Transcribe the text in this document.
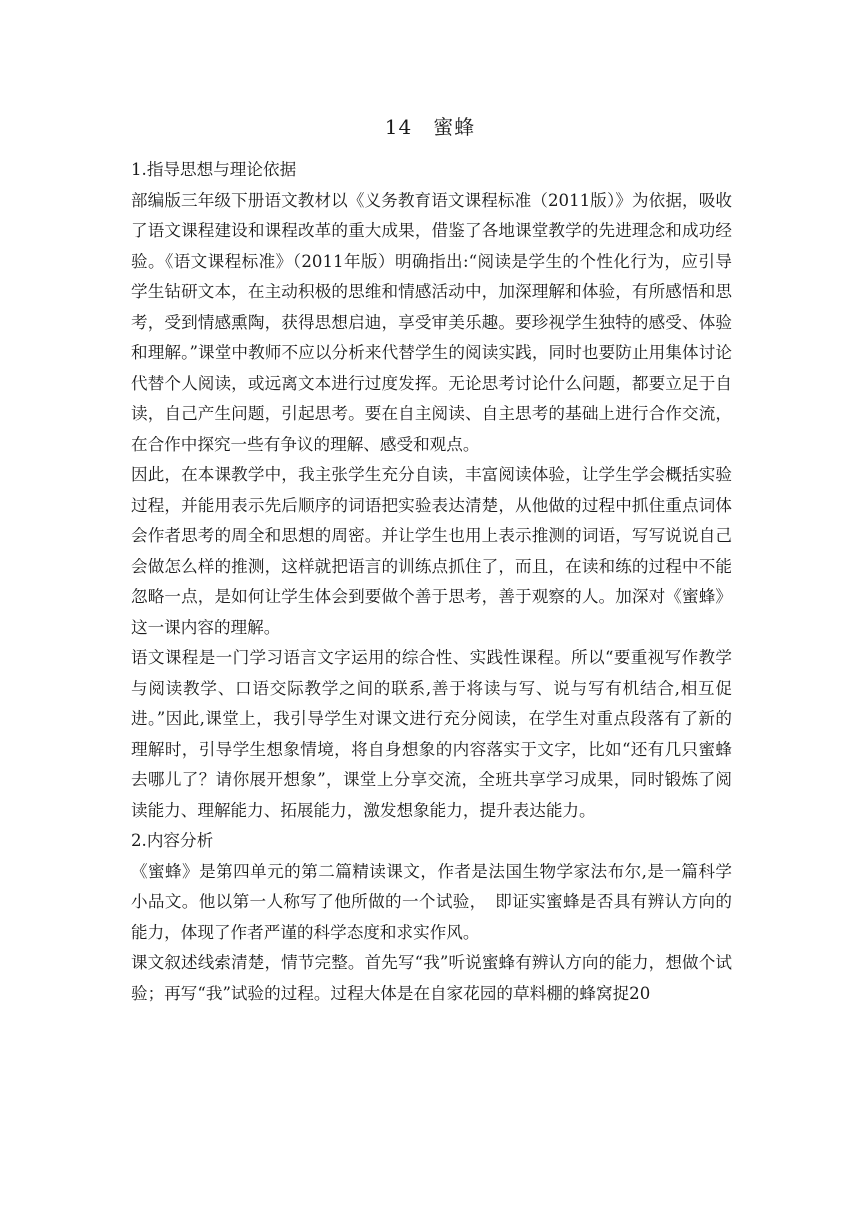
14　蜜蜂

1.指导思想与理论依据

部编版三年级下册语文教材以《义务教育语文课程标准（2011版）》为依据，吸收了语文课程建设和课程改革的重大成果，借鉴了各地课堂教学的先进理念和成功经验。《语文课程标准》（2011年版）明确指出:“阅读是学生的个性化行为，应引导学生钻研文本，在主动积极的思维和情感活动中，加深理解和体验，有所感悟和思考，受到情感熏陶，获得思想启迪，享受审美乐趣。要珍视学生独特的感受、体验和理解。”课堂中教师不应以分析来代替学生的阅读实践，同时也要防止用集体讨论代替个人阅读，或远离文本进行过度发挥。无论思考讨论什么问题，都要立足于自读，自己产生问题，引起思考。要在自主阅读、自主思考的基础上进行合作交流，在合作中探究一些有争议的理解、感受和观点。

因此，在本课教学中，我主张学生充分自读，丰富阅读体验，让学生学会概括实验过程，并能用表示先后顺序的词语把实验表达清楚，从他做的过程中抓住重点词体会作者思考的周全和思想的周密。并让学生也用上表示推测的词语，写写说说自己会做怎么样的推测，这样就把语言的训练点抓住了，而且，在读和练的过程中不能忽略一点，是如何让学生体会到要做个善于思考，善于观察的人。加深对《蜜蜂》这一课内容的理解。

语文课程是一门学习语言文字运用的综合性、实践性课程。所以“要重视写作教学与阅读教学、口语交际教学之间的联系,善于将读与写、说与写有机结合,相互促进。”因此,课堂上，我引导学生对课文进行充分阅读，在学生对重点段落有了新的理解时，引导学生想象情境，将自身想象的内容落实于文字，比如“还有几只蜜蜂去哪儿了？请你展开想象”，课堂上分享交流，全班共享学习成果，同时锻炼了阅读能力、理解能力、拓展能力，激发想象能力，提升表达能力。

2.内容分析

《蜜蜂》是第四单元的第二篇精读课文，作者是法国生物学家法布尔,是一篇科学小品文。他以第一人称写了他所做的一个试验，　即证实蜜蜂是否具有辨认方向的能力，体现了作者严谨的科学态度和求实作风。

课文叙述线索清楚，情节完整。首先写“我”听说蜜蜂有辨认方向的能力，想做个试验；再写“我”试验的过程。过程大体是在自家花园的草料棚的蜂窝捉20
